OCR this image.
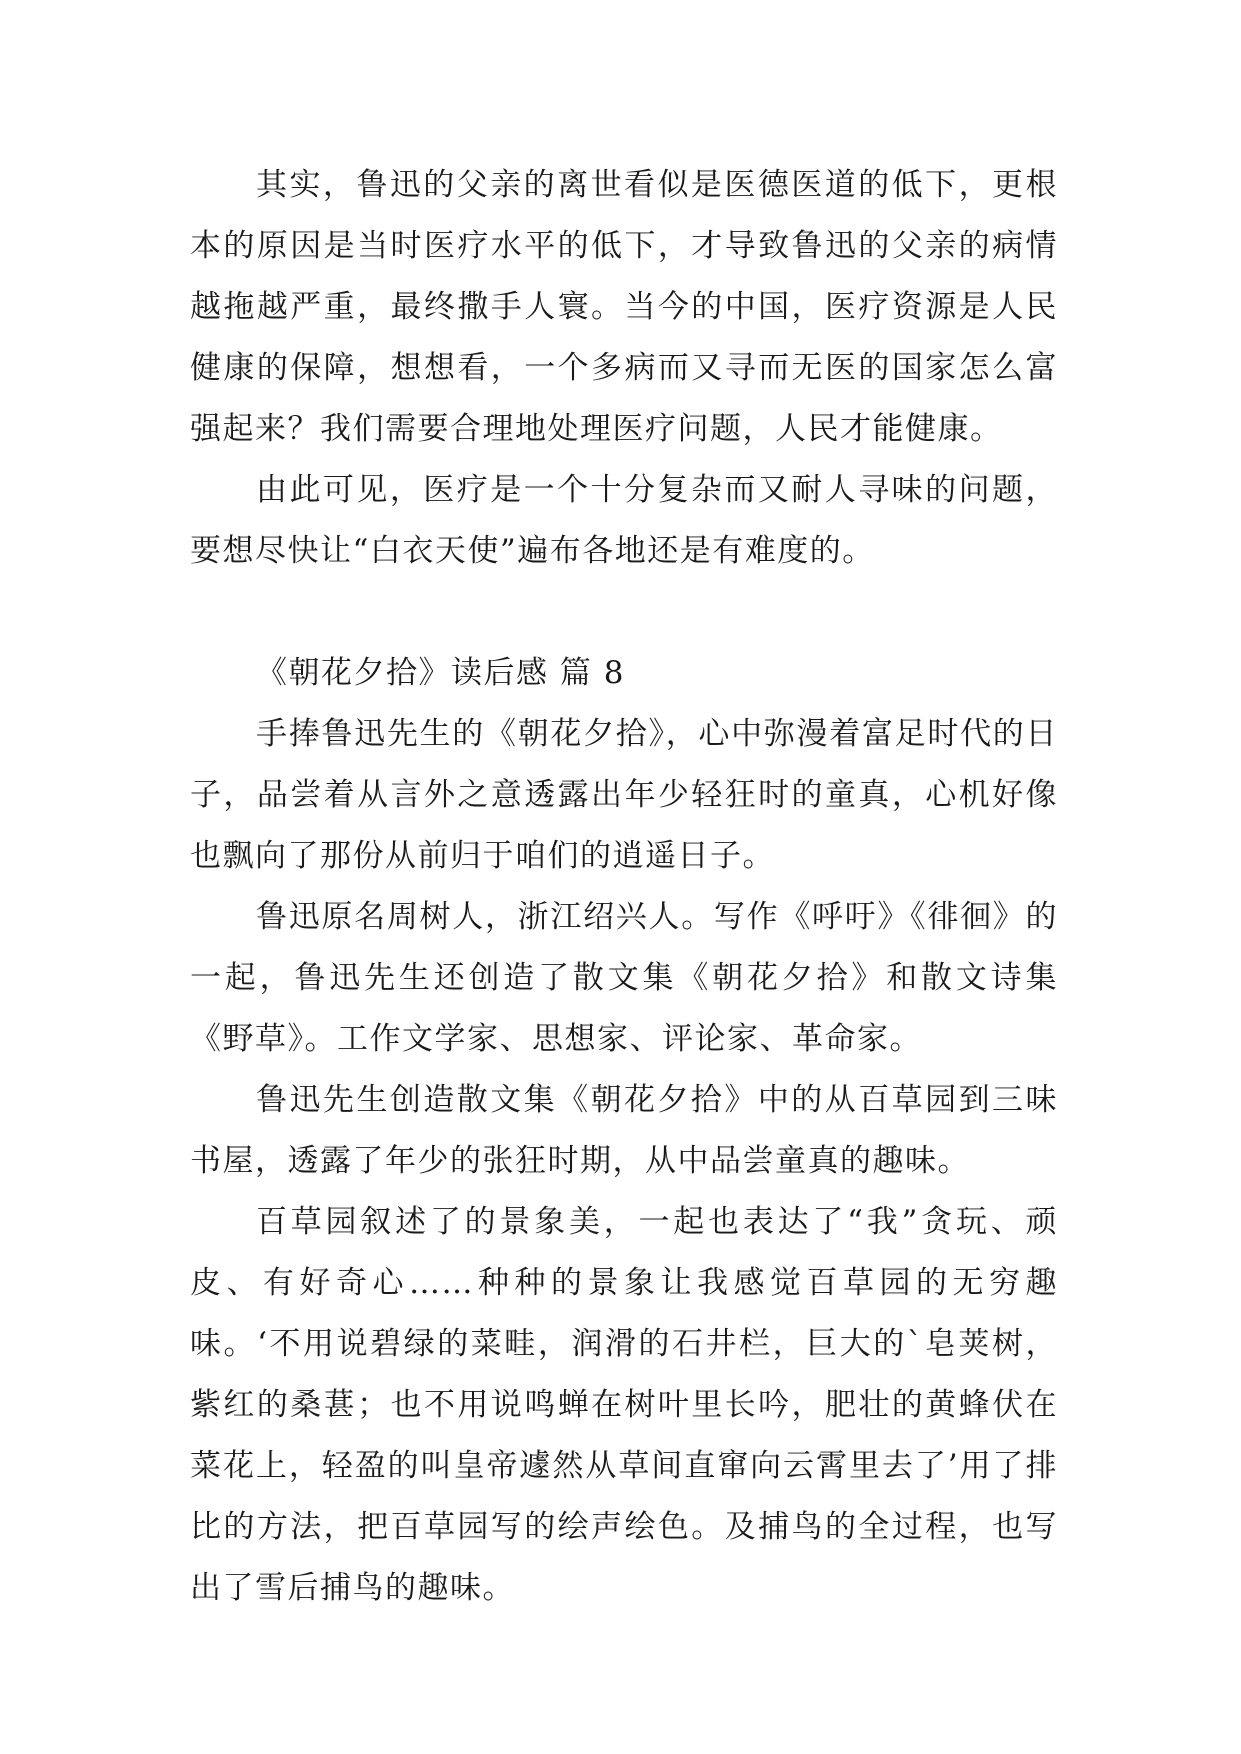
其实，鲁迅的父亲的离世看似是医德医道的低下，更根本的原因是当时医疗水平的低下，才导致鲁迅的父亲的病情越拖越严重，最终撒手人寰。当今的中国，医疗资源是人民健康的保障，想想看，一个多病而又寻而无医的国家怎么富强起来？我们需要合理地处理医疗问题，人民才能健康。

由此可见，医疗是一个十分复杂而又耐人寻味的问题，要想尽快让“白衣天使”遍布各地还是有难度的。

《朝花夕拾》读后感 篇 8

手捧鲁迅先生的《朝花夕拾》，心中弥漫着富足时代的日子，品尝着从言外之意透露出年少轻狂时的童真，心机好像也飘向了那份从前归于咱们的逍遥日子。

鲁迅原名周树人，浙江绍兴人。写作《呼吁》《徘徊》的一起，鲁迅先生还创造了散文集《朝花夕拾》和散文诗集《野草》。工作文学家、思想家、评论家、革命家。

鲁迅先生创造散文集《朝花夕拾》中的从百草园到三味书屋，透露了年少的张狂时期，从中品尝童真的趣味。

百草园叙述了的景象美，一起也表达了“我”贪玩、顽皮、有好奇心……种种的景象让我感觉百草园的无穷趣味。‘不用说碧绿的菜畦，润滑的石井栏，巨大的`皂荚树，紫红的桑葚；也不用说鸣蝉在树叶里长吟，肥壮的黄蜂伏在菜花上，轻盈的叫皇帝遽然从草间直窜向云霄里去了’用了排比的方法，把百草园写的绘声绘色。及捕鸟的全过程，也写出了雪后捕鸟的趣味。
